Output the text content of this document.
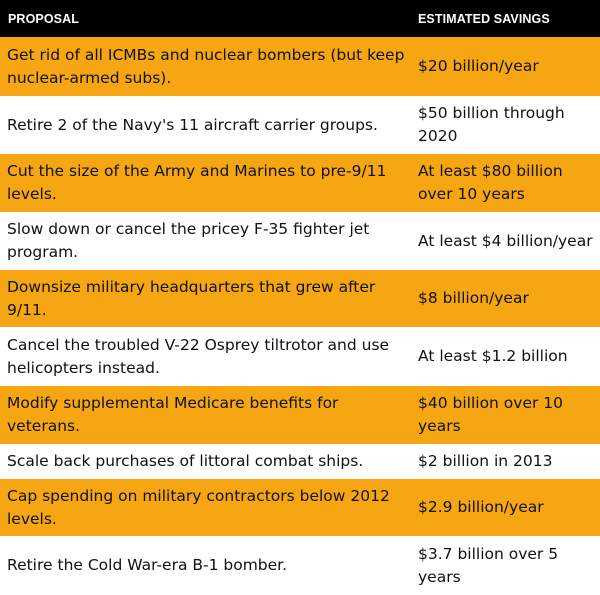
PROPOSAL	ESTIMATED SAVINGS
Get rid of all ICMBs and nuclear bombers (but keep nuclear-armed subs).
$20 billion/year
Retire 2 of the Navy's 11 aircraft carrier groups.
$50 billion through 2020
Cut the size of the Army and Marines to pre-9/11 levels.
At least $80 billion over 10 years
Slow down or cancel the pricey F-35 fighter jet program.
At least $4 billion/year
Downsize military headquarters that grew after 9/11.
$8 billion/year
Cancel the troubled V-22 Osprey tiltrotor and use helicopters instead.
At least $1.2 billion
Modify supplemental Medicare benefits for veterans.
$40 billion over 10 years
Scale back purchases of littoral combat ships.	$2 billion in 2013
Cap spending on military contractors below 2012 levels.
$2.9 billion/year
Retire the Cold War-era B-1 bomber.
$3.7 billion over 5 years
